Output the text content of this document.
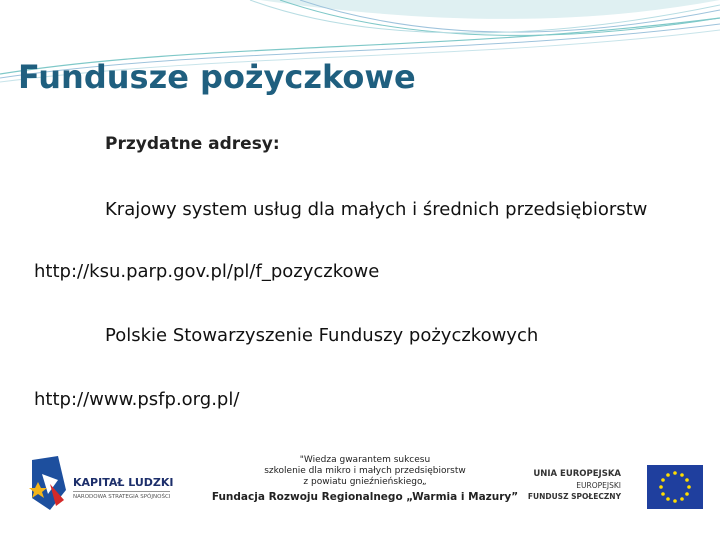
Fundusze pożyczkowe
Przydatne adresy:
Krajowy system usług dla małych i średnich przedsiębiorstw
http://ksu.parp.gov.pl/pl/f_pozyczkowe
Polskie Stowarzyszenie Funduszy pożyczkowych
http://www.psfp.org.pl/
KAPITAŁ LUDZKI
NARODOWA STRATEGIA SPÓJNOŚCI
"Wiedza gwarantem sukcesu
szkolenie dla mikro i małych przedsiębiorstw
z powiatu gnieźnieńskiego„
Fundacja Rozwoju Regionalnego „Warmia i Mazury”
UNIA EUROPEJSKA
EUROPEJSKI
FUNDUSZ SPOŁECZNY
